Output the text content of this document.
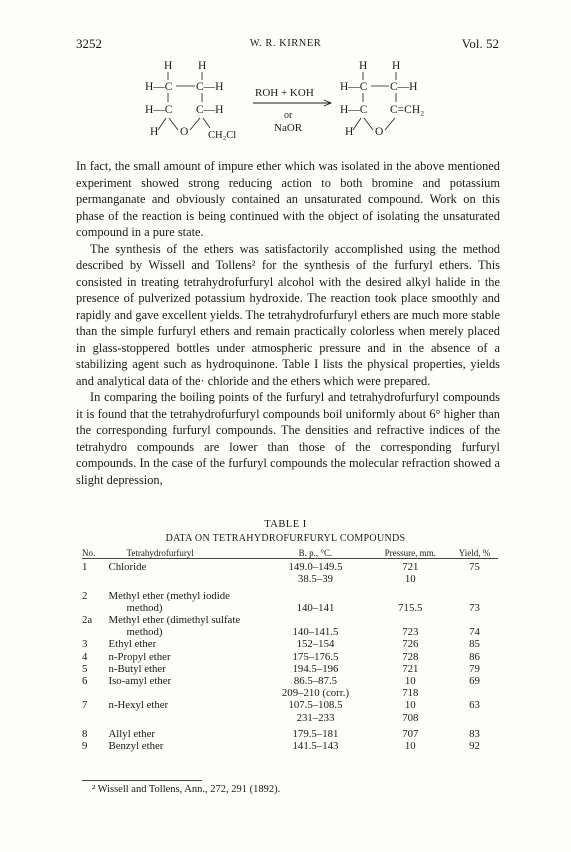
3252	W. R. KIRNER	Vol. 52
H H
H—C C—H
H—C C—H
H O CH₂Cl
ROH + KOH
or
NaOR
H H
H—C C—H
H—C C=CH₂
H O

In fact, the small amount of impure ether which was isolated in the above mentioned experiment showed strong reducing action to both bromine and potassium permanganate and obviously contained an unsaturated compound. Work on this phase of the reaction is being continued with the object of isolating the unsaturated compound in a pure state.

The synthesis of the ethers was satisfactorily accomplished using the method described by Wissell and Tollens² for the synthesis of the furfuryl ethers. This consisted in treating tetrahydrofurfuryl alcohol with the desired alkyl halide in the presence of pulverized potassium hydroxide. The reaction took place smoothly and rapidly and gave excellent yields. The tetrahydrofurfuryl ethers are much more stable than the simple furfuryl ethers and remain practically colorless when merely placed in glass-stoppered bottles under atmospheric pressure and in the absence of a stabilizing agent such as hydroquinone. Table I lists the physical properties, yields and analytical data of the· chloride and the ethers which were prepared.

In comparing the boiling points of the furfuryl and tetrahydrofurfuryl compounds it is found that the tetrahydrofurfuryl compounds boil uniformly about 6° higher than the corresponding furfuryl compounds. The densities and refractive indices of the tetrahydro compounds are lower than those of the corresponding furfuryl compounds. In the case of the furfuryl compounds the molecular refraction showed a slight depression,

TABLE I
DATA ON TETRAHYDROFURFURYL COMPOUNDS
No.	Tetrahydrofurfuryl	B. p., °C.	Pressure, mm.	Yield, %
1	Chloride	149.0–149.5	721	75
		38.5–39	10	
2	Methyl ether (methyl iodide			
	method)	140–141	715.5	73
2a	Methyl ether (dimethyl sulfate			
	method)	140–141.5	723	74
3	Ethyl ether	152–154	726	85
4	n-Propyl ether	175–176.5	728	86
5	n-Butyl ether	194.5–196	721	79
6	Iso-amyl ether	86.5–87.5	10	69
		209–210 (corr.)	718	
7	n-Hexyl ether	107.5–108.5	10	63
		231–233	708	
8	Allyl ether	179.5–181	707	83
9	Benzyl ether	141.5–143	10	92
² Wissell and Tollens, Ann., 272, 291 (1892).
